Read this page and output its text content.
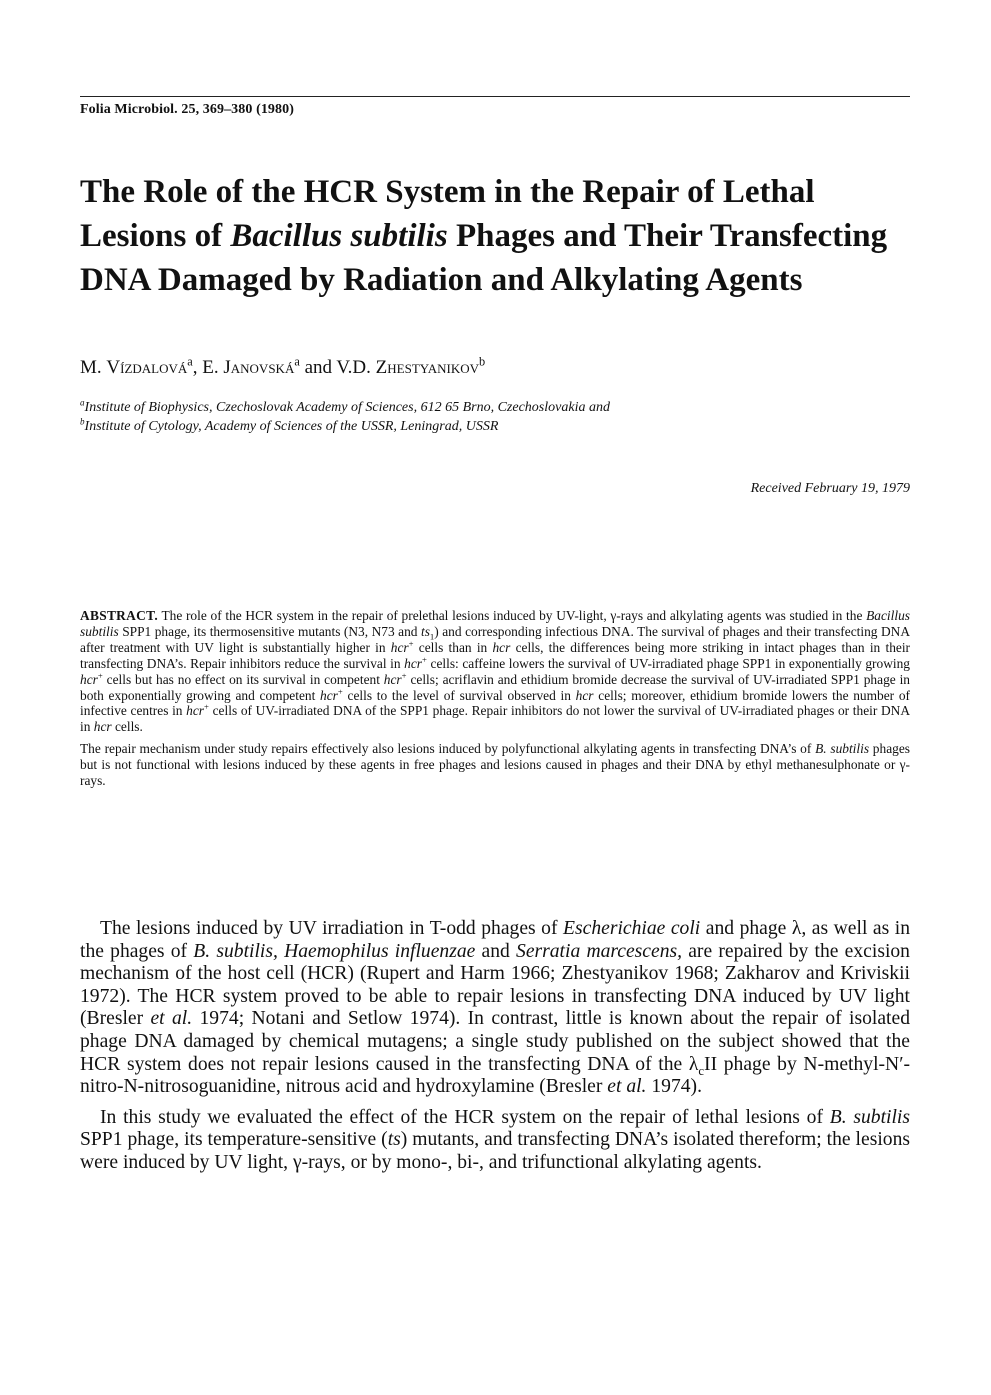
Folia Microbiol. 25, 369–380 (1980)
The Role of the HCR System in the Repair of Lethal Lesions of Bacillus subtilis Phages and Their Transfecting DNA Damaged by Radiation and Alkylating Agents
M. Vízdalová$^a$, E. Janovská$^a$ and V.D. Zhestyanikov$^b$
$^a$Institute of Biophysics, Czechoslovak Academy of Sciences, 612 65 Brno, Czechoslovakia and
$^b$Institute of Cytology, Academy of Sciences of the USSR, Leningrad, USSR
Received February 19, 1979

ABSTRACT. The role of the HCR system in the repair of prelethal lesions induced by UV-light, γ-rays and alkylating agents was studied in the Bacillus subtilis SPP1 phage, its thermosensitive mutants (N3, N73 and $ts_1$) and corresponding infectious DNA. The survival of phages and their transfecting DNA after treatment with UV light is substantially higher in hcr+ cells than in hcr cells, the differences being more striking in intact phages than in their transfecting DNA’s. Repair inhibitors reduce the survival in hcr+ cells: caffeine lowers the survival of UV-irradiated phage SPP1 in exponentially growing hcr+ cells but has no effect on its survival in competent hcr+ cells; acriflavin and ethidium bromide decrease the survival of UV-irradiated SPP1 phage in both exponentially growing and competent hcr+ cells to the level of survival observed in hcr cells; moreover, ethidium bromide lowers the number of infective centres in hcr+ cells of UV-irradiated DNA of the SPP1 phage. Repair inhibitors do not lower the survival of UV-irradiated phages or their DNA in hcr cells.

The repair mechanism under study repairs effectively also lesions induced by polyfunctional alkylating agents in transfecting DNA’s of B. subtilis phages but is not functional with lesions induced by these agents in free phages and lesions caused in phages and their DNA by ethyl methanesulphonate or γ-rays.

The lesions induced by UV irradiation in T-odd phages of Escherichiae coli and phage λ, as well as in the phages of B. subtilis, Haemophilus influenzae and Serratia marcescens, are repaired by the excision mechanism of the host cell (HCR) (Rupert and Harm 1966; Zhestyanikov 1968; Zakharov and Kriviskii 1972). The HCR system proved to be able to repair lesions in transfecting DNA induced by UV light (Bresler et al. 1974; Notani and Setlow 1974). In contrast, little is known about the repair of isolated phage DNA damaged by chemical mutagens; a single study published on the subject showed that the HCR system does not repair lesions caused in the transfecting DNA of the $\lambda_cII$ phage by N-methyl-N′-nitro-N-nitrosoguanidine, nitrous acid and hydroxylamine (Bresler et al. 1974).

In this study we evaluated the effect of the HCR system on the repair of lethal lesions of B. subtilis SPP1 phage, its temperature-sensitive (ts) mutants, and transfecting DNA’s isolated thereform; the lesions were induced by UV light, γ-rays, or by mono-, bi-, and trifunctional alkylating agents.
